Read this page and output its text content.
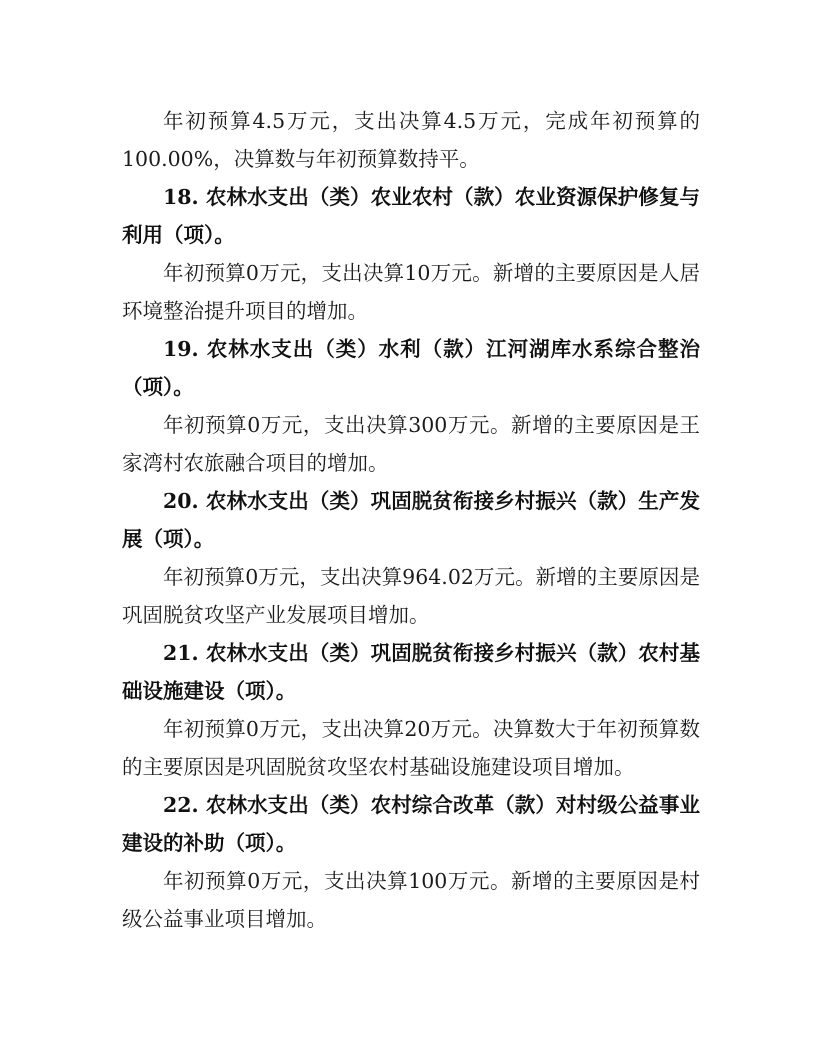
年初预算4.5万元，支出决算4.5万元，完成年初预算的100.00%，决算数与年初预算数持平。

18. 农林水支出（类）农业农村（款）农业资源保护修复与利用（项）。

年初预算0万元，支出决算10万元。新增的主要原因是人居环境整治提升项目的增加。

19. 农林水支出（类）水利（款）江河湖库水系综合整治（项）。

年初预算0万元，支出决算300万元。新增的主要原因是王家湾村农旅融合项目的增加。

20. 农林水支出（类）巩固脱贫衔接乡村振兴（款）生产发展（项）。

年初预算0万元，支出决算964.02万元。新增的主要原因是巩固脱贫攻坚产业发展项目增加。

21. 农林水支出（类）巩固脱贫衔接乡村振兴（款）农村基础设施建设（项）。

年初预算0万元，支出决算20万元。决算数大于年初预算数的主要原因是巩固脱贫攻坚农村基础设施建设项目增加。

22. 农林水支出（类）农村综合改革（款）对村级公益事业建设的补助（项）。

年初预算0万元，支出决算100万元。新增的主要原因是村级公益事业项目增加。
